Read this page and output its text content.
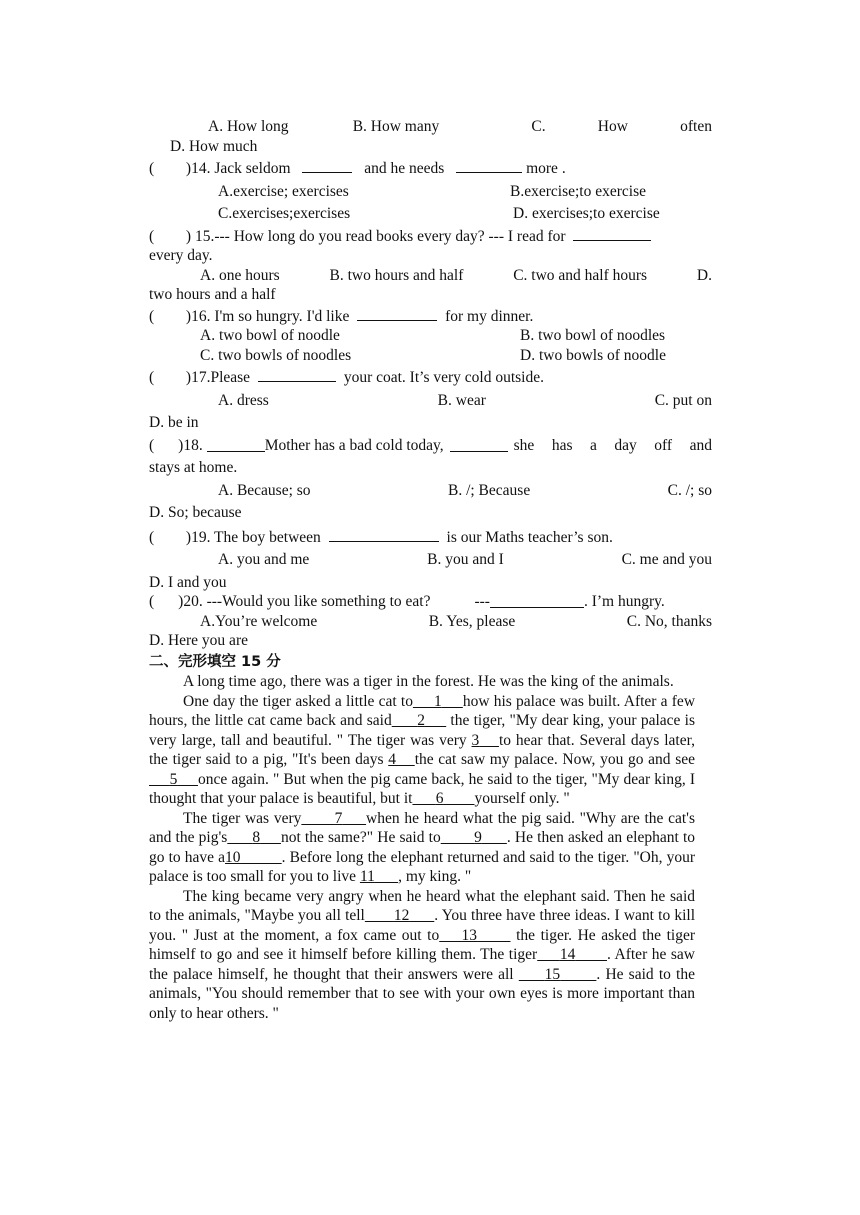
A. How long	B. How many	C.	How	often
D. How much
( )14. Jack seldom	and he needs	more .
A.exercise; exercises	B.exercise;to exercise
C.exercises;exercises	D. exercises;to exercise
( ) 15.--- How long do you read books every day? --- I read for
every day.
A. one hours	B. two hours and half	C. two and half hours	D.
two hours and a half
( )16. I'm so hungry. I'd like	for my dinner.
A. two bowl of noodle	B. two bowl of noodles
C. two bowls of noodles	D. two bowls of noodle
( )17.Please	your coat. It’s very cold outside.
A. dress	B. wear	C. put on
D. be in
( )18.	Mother has a bad cold today,	she has a day off and
stays at home.
A. Because; so	B. /; Because	C. /; so
D. So; because
( )19. The boy between	is our Maths teacher’s son.
A. you and me	B. you and I	C. me and you
D. I and you
( )20. ---Would you like something to eat?	---	. I’m hungry.
A.You’re welcome	B. Yes, please	C. No, thanks
D. Here you are
二、完形填空 15 分

A long time ago, there was a tiger in the forest. He was the king of the animals.

One day the tiger asked a little cat to 1 how his palace was built. After a few hours, the little cat came back and said 2      the tiger, "My dear king, your palace is very large, tall and beautiful. " The tiger was very 3 to hear that. Several days later, the tiger said to a pig, "It's been days 4 the cat saw my palace. Now, you go and see      5 once again. " But when the pig came back, he said to the tiger, "My dear king, I thought that your palace is beautiful, but it 6 yourself only. "

The tiger was very 7 when he heard what the pig said. "Why are the cat's and the pig's 8 not the same?" He said to 9 . He then asked an elephant to go to have a10	. Before long the elephant returned and said to the tiger. "Oh, your palace is too small for you to live 11 , my king. "

The king became very angry when he heard what the elephant said. Then he said to the animals, "Maybe you all tell 12 . You three have three ideas. I want to kill you. " Just at the moment, a fox came out to 13       the tiger. He asked the tiger himself to go and see it himself before killing them. The tiger 14 . After he saw the palace himself, he thought that their answers were all      15 . He said to the animals, "You should remember that to see with your own eyes is more important than only to hear others. "
